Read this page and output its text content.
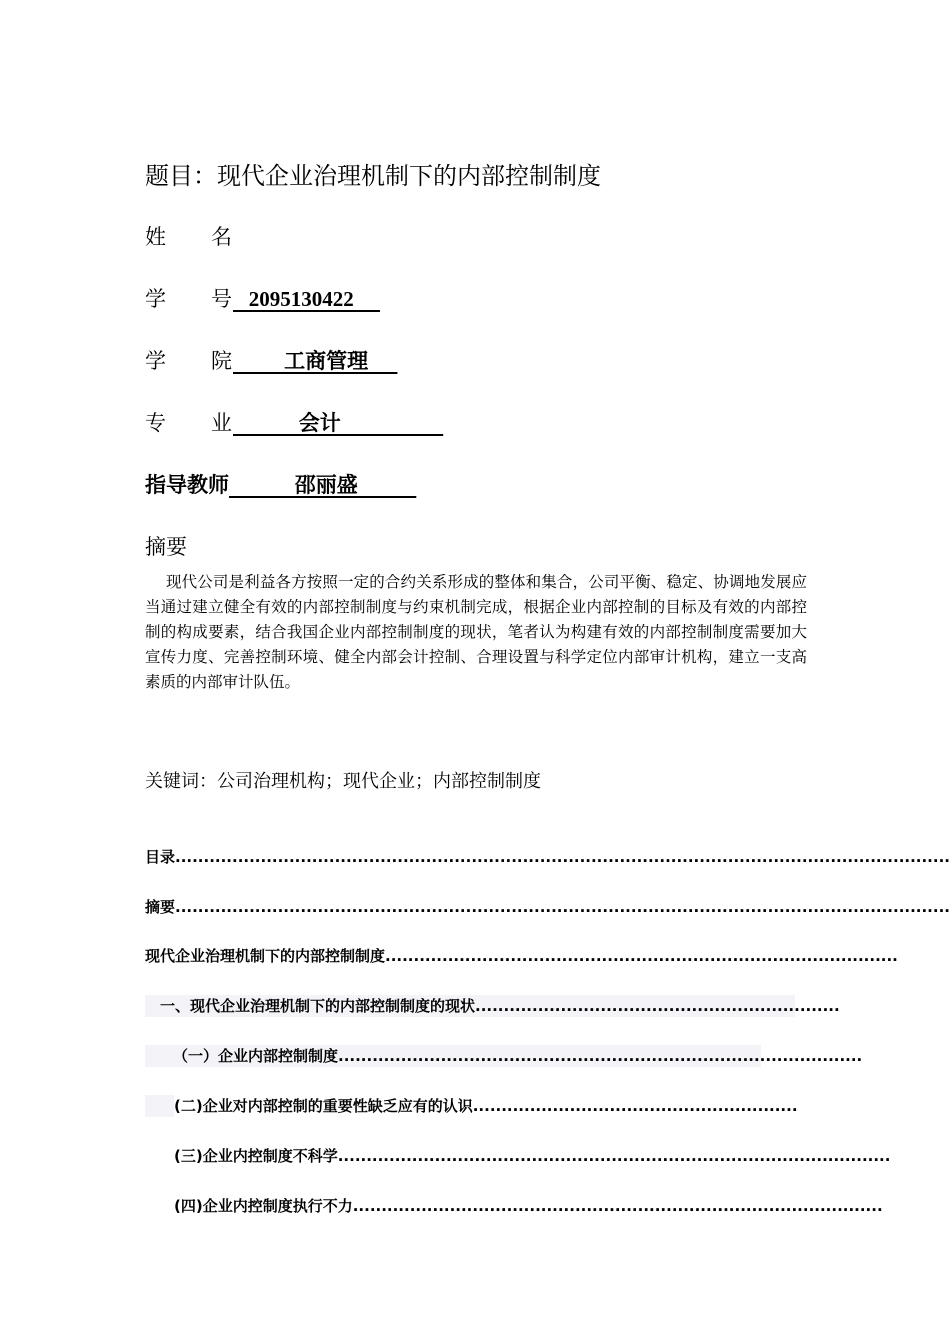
题目：现代企业治理机制下的内部控制制度
姓 名
学 号 2095130422
学 院 工商管理
专 业 会计
指导教师         邵丽盛
摘要
现代公司是利益各方按照一定的合约关系形成的整体和集合，公司平衡、稳定、协调地发展应当通过建立健全有效的内部控制制度与约束机制完成，根据企业内部控制的目标及有效的内部控制的构成要素，结合我国企业内部控制制度的现状，笔者认为构建有效的内部控制制度需要加大宣传力度、完善控制环境、健全内部会计控制、合理设置与科学定位内部审计机构，建立一支高素质的内部审计队伍。
关键词：公司治理机构；现代企业；内部控制制度
目录........................................................................................................................................
摘要........................................................................................................................................
现代企业治理机制下的内部控制制度..........................................................................................
一、现代企业治理机制下的内部控制制度的现状................................................................
（一）企业内部控制制度............................................................................................
(二)企业对内部控制的重要性缺乏应有的认识.........................................................
(三)企业内控制度不科学.................................................................................................
(四)企业内控制度执行不力.............................................................................................
